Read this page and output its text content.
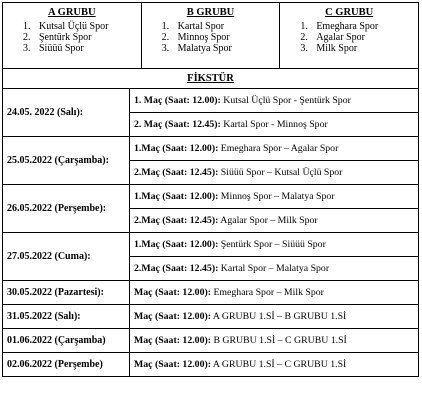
A GRUBU
1. Kutsal Üçlü Spor
2. Şentürk Spor
3. Siüüü Spor

B GRUBU
1. Kartal Spor
2. Minnoş Spor
3. Malatya Spor

C GRUBU
1. Emeghara Spor
2. Agalar Spor
3. Milk Spor
FİKSTÜR	
24.05. 2022 (Salı):	1. Maç (Saat: 12.00): Kutsal Üçlü Spor - Şentürk Spor
	2. Maç (Saat: 12.45): Kartal Spor - Minnoş Spor
25.05.2022 (Çarşamba):	1.Maç (Saat: 12.00): Emeghara Spor – Agalar Spor
	2.Maç (Saat: 12.45): Siüüü Spor – Kutsal Üçlü Spor
26.05.2022 (Perşembe):	1.Maç (Saat: 12.00): Minnoş Spor – Malatya Spor
	2.Maç (Saat: 12.45): Agalar Spor – Milk Spor
27.05.2022 (Cuma):	1.Maç (Saat: 12.00): Şentürk Spor – Siüüü Spor
	2.Maç (Saat: 12.45): Kartal Spor – Malatya Spor
30.05.2022 (Pazartesi):	Maç (Saat: 12.00): Emeghara Spor – Milk Spor
31.05.2022 (Salı):	Maç (Saat: 12.00): A GRUBU 1.Sİ – B GRUBU 1.Sİ
01.06.2022 (Çarşamba)	Maç (Saat: 12.00): B GRUBU 1.Sİ – C GRUBU 1.Sİ
02.06.2022 (Perşembe)	Maç (Saat: 12.00): A GRUBU 1.Sİ – C GRUBU 1.Sİ
